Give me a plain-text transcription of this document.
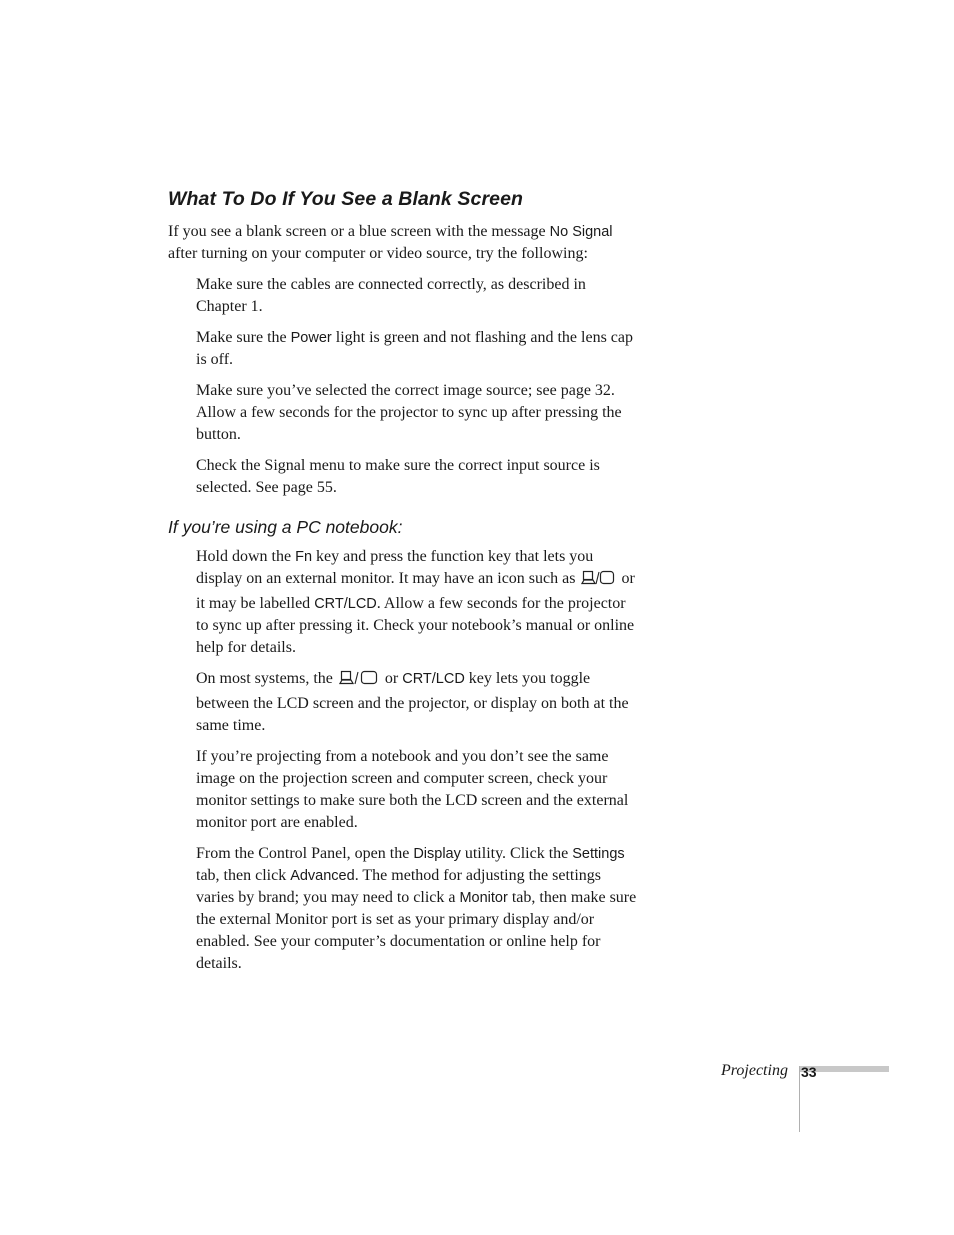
What To Do If You See a Blank Screen

If you see a blank screen or a blue screen with the message No Signal after turning on your computer or video source, try the following:

Make sure the cables are connected correctly, as described in Chapter 1.

Make sure the Power light is green and not flashing and the lens cap is off.

Make sure you’ve selected the correct image source; see page 32. Allow a few seconds for the projector to sync up after pressing the button.

Check the Signal menu to make sure the correct input source is selected. See page 55.

If you’re using a PC notebook:

Hold down the Fn key and press the function key that lets you display on an external monitor. It may have an icon such as  or it may be labelled CRT/LCD. Allow a few seconds for the projector to sync up after pressing it. Check your notebook’s manual or online help for details.

On most systems, the	or CRT/LCD key lets you toggle between the LCD screen and the projector, or display on both at the same time.

If you’re projecting from a notebook and you don’t see the same image on the projection screen and computer screen, check your monitor settings to make sure both the LCD screen and the external monitor port are enabled.

From the Control Panel, open the Display utility. Click the Settings tab, then click Advanced. The method for adjusting the settings varies by brand; you may need to click a Monitor tab, then make sure the external Monitor port is set as your primary display and/or enabled. See your computer’s documentation or online help for details.

Projecting 33
